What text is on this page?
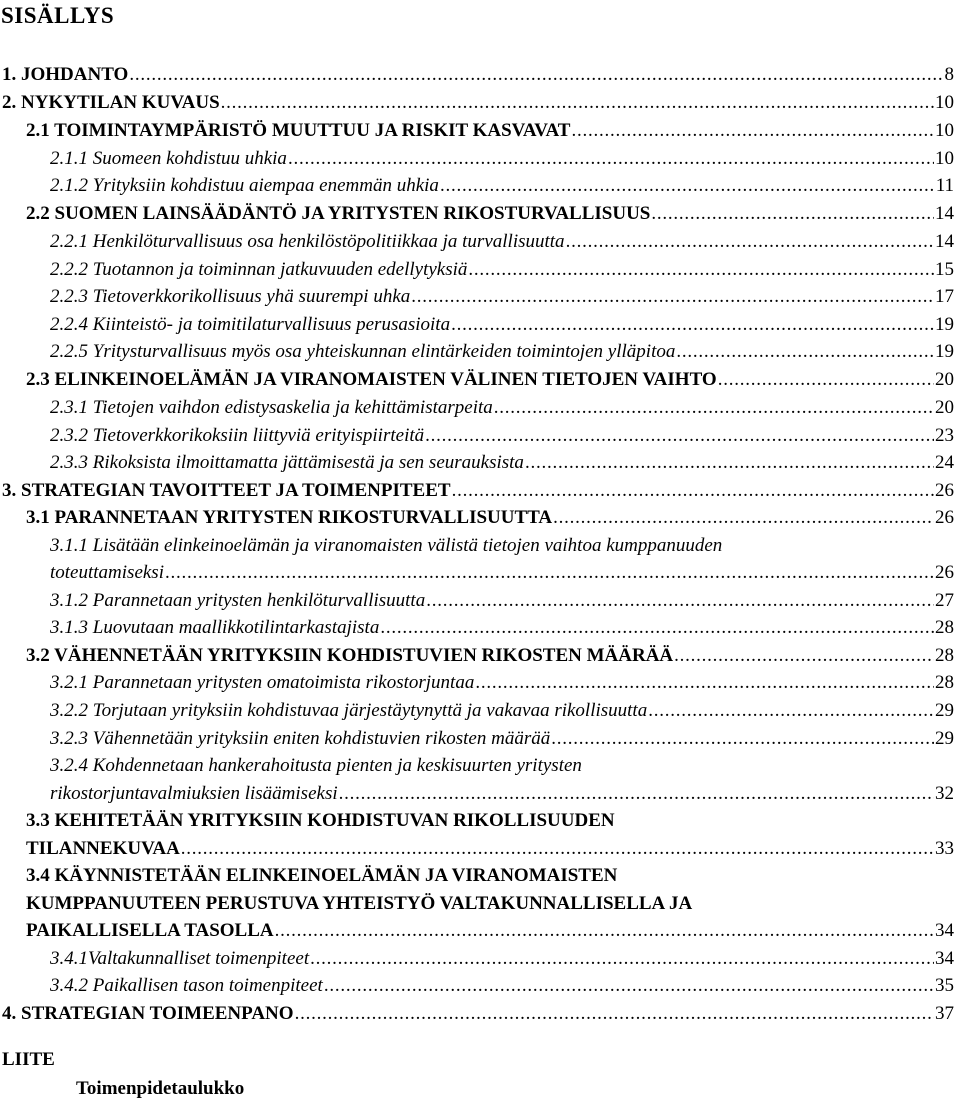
SISÄLLYS
1. JOHDANTO . . .	8
2. NYKYTILAN KUVAUS . . .	10
2.1 TOIMINTAYMPÄRISTÖ MUUTTUU JA RISKIT KASVAVAT . . .	10
2.1.1 Suomeen kohdistuu uhkia . . .	10
2.1.2 Yrityksiin kohdistuu aiempaa enemmän uhkia . . .	11
2.2 SUOMEN LAINSÄÄDÄNTÖ JA YRITYSTEN RIKOSTURVALLISUUS . . .	14
2.2.1 Henkilöturvallisuus osa henkilöstöpolitiikkaa ja turvallisuutta . . .	14
2.2.2 Tuotannon ja toiminnan jatkuvuuden edellytyksiä . . .	15
2.2.3 Tietoverkkorikollisuus yhä suurempi uhka . . .	17
2.2.4 Kiinteistö- ja toimitilaturvallisuus perusasioita . . .	19
2.2.5 Yritysturvallisuus myös osa yhteiskunnan elintärkeiden toimintojen ylläpitoa . . .	19
2.3 ELINKEINOELÄMÄN JA VIRANOMAISTEN VÄLINEN TIETOJEN VAIHTO . . .	20
2.3.1 Tietojen vaihdon edistysaskelia ja kehittämistarpeita . . .	20
2.3.2 Tietoverkkorikoksiin liittyviä erityispiirteitä . . .	23
2.3.3 Rikoksista ilmoittamatta jättämisestä ja sen seurauksista . . .	24
3. STRATEGIAN TAVOITTEET JA TOIMENPITEET . . .	26
3.1 PARANNETAAN YRITYSTEN RIKOSTURVALLISUUTTA . . .	26
3.1.1 Lisätään elinkeinoelämän ja viranomaisten välistä tietojen vaihtoa kumppanuuden
toteuttamiseksi . . .	26
3.1.2 Parannetaan yritysten henkilöturvallisuutta . . .	27
3.1.3 Luovutaan maallikkotilintarkastajista . . .	28
3.2 VÄHENNETÄÄN YRITYKSIIN KOHDISTUVIEN RIKOSTEN MÄÄRÄÄ . . .	28
3.2.1 Parannetaan yritysten omatoimista rikostorjuntaa . . .	28
3.2.2 Torjutaan yrityksiin kohdistuvaa järjestäytynyttä ja vakavaa rikollisuutta . . .	29
3.2.3 Vähennetään yrityksiin eniten kohdistuvien rikosten määrää . . .	29
3.2.4 Kohdennetaan hankerahoitusta pienten ja keskisuurten yritysten
rikostorjuntavalmiuksien lisäämiseksi . . .	32
3.3 KEHITETÄÄN YRITYKSIIN KOHDISTUVAN RIKOLLISUUDEN
TILANNEKUVAA . . .	33
3.4 KÄYNNISTETÄÄN ELINKEINOELÄMÄN JA VIRANOMAISTEN
KUMPPANUUTEEN PERUSTUVA YHTEISTYÖ VALTAKUNNALLISELLA JA
PAIKALLISELLA TASOLLA . . .	34
3.4.1Valtakunnalliset toimenpiteet . . .	34
3.4.2 Paikallisen tason toimenpiteet . . .	35
4. STRATEGIAN TOIMEENPANO . . .	37
LIITE
Toimenpidetaulukko
